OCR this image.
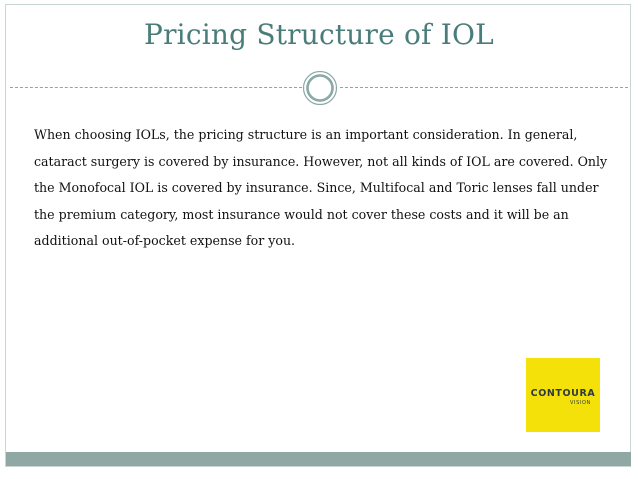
Pricing Structure of IOL
When choosing IOLs, the pricing structure is an important consideration. In general, cataract surgery is covered by insurance. However, not all kinds of IOL are covered. Only the Monofocal IOL is covered by insurance. Since, Multifocal and Toric lenses fall under the premium category, most insurance would not cover these costs and it will be an additional out-of-pocket expense for you.
CONTOURA
VISION
